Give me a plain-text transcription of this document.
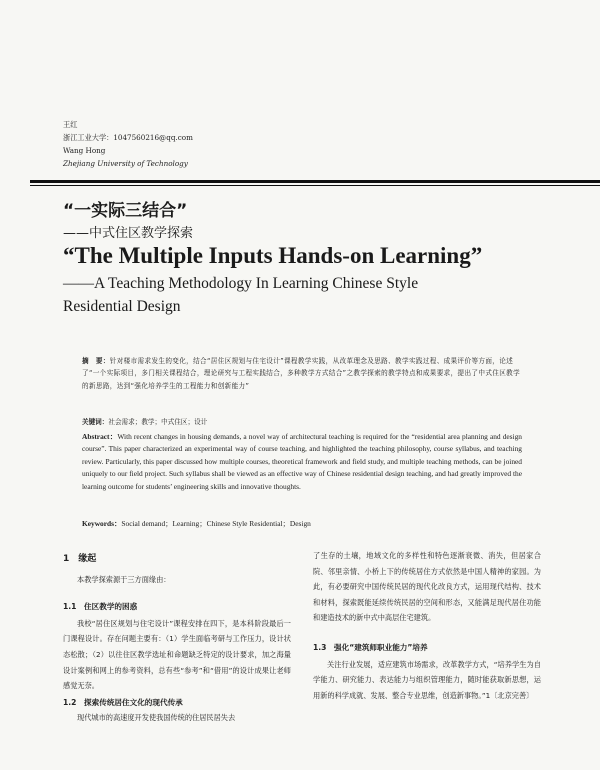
王红
浙江工业大学：1047560216@qq.com
Wang Hong
Zhejiang University of Technology
“一实际三结合”
——中式住区教学探索
“The Multiple Inputs Hands-on Learning”
——A Teaching Methodology In Learning Chinese Style
Residential Design
摘　要：针对楼市需求发生的变化，结合“居住区规划与住宅设计”课程教学实践，从改革理念及思路、教学实践过程、成果评价等方面，论述了“一个实际项目，多门相关课程结合，理论研究与工程实践结合，多种教学方式结合”之教学探索的教学特点和成果要求，提出了中式住区教学的新思路，达到“强化培养学生的工程能力和创新能力”
关键词：社会需求；教学；中式住区；设计
Abstract：With recent changes in housing demands, a novel way of architectural teaching is required for the “residential area planning and design course”. This paper characterized an experimental way of course teaching, and highlighted the teaching philosophy, course syllabus, and teaching review. Particularly, this paper discussed how multiple courses, theoretical framework and field study, and multiple teaching methods, can be joined uniquely to our field project. Such syllabus shall be viewed as an effective way of Chinese residential design teaching, and had greatly improved the learning outcome for students’ engineering skills and innovative thoughts.
Keywords：Social demand；Learning；Chinese Style Residential；Design
1　缘起
本教学探索源于三方面缘由：
1.1　住区教学的困惑
我校“居住区规划与住宅设计”课程安排在四下，是本科阶段最后一门课程设计。存在问题主要有：（1）学生面临考研与工作压力，设计状态松散；（2）以往住区教学选址和命题缺乏特定的设计要求，加之海量设计案例和网上的参考资料，总有些“参考”和“借用”的设计成果让老师感觉无奈。
1.2　探索传统居住文化的现代传承
现代城市的高速度开发使我国传统的住居民居失去
了生存的土壤，地域文化的多样性和特色逐渐衰微、消失，但居家合院、邻里亲情、小桥上下的传统居住方式依然是中国人精神的家园。为此，有必要研究中国传统民居的现代化改良方式，运用现代结构、技术和材料，探索既能延续传统民居的空间和形态，又能满足现代居住功能和建造技术的新中式中高层住宅建筑。
1.3　强化“建筑师职业能力”培养
关注行业发展，适应建筑市场需求，改革教学方式，“培养学生为自学能力、研究能力、表达能力与组织管理能力，随时能获取新思想，运用新的科学成就、发展、整合专业思维，创造新事物。”1〔北京完善〕
